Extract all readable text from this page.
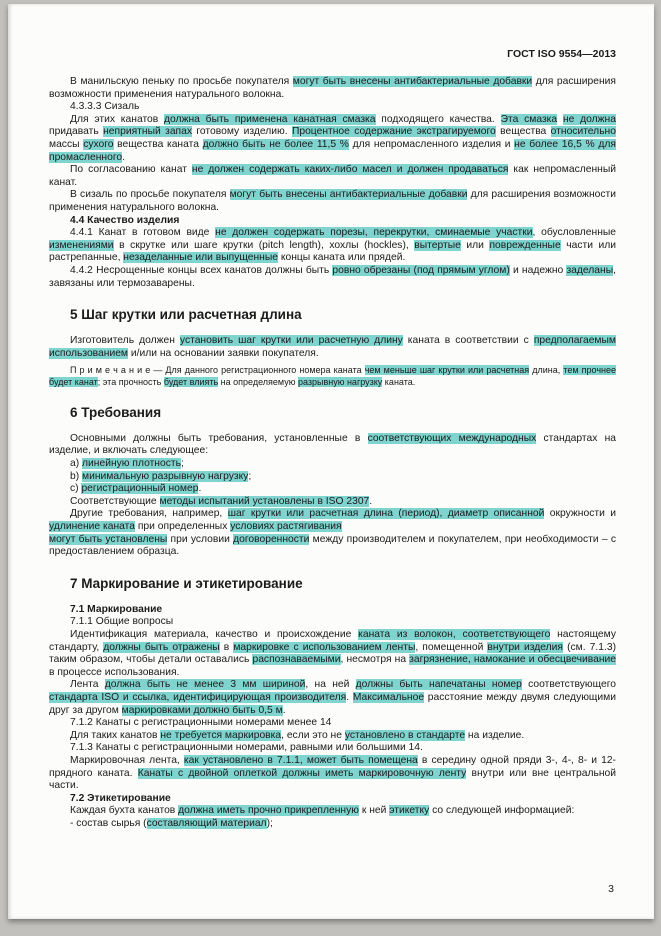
ГОСТ ISO 9554—2013

В манильскую пеньку по просьбе покупателя могут быть внесены антибактериальные добавки для расширения возможности применения натурального волокна.

4.3.3.3 Сизаль

Для этих канатов должна быть применена канатная смазка подходящего качества. Эта смазка не должна придавать неприятный запах готовому изделию. Процентное содержание экстрагируемого вещества относительно массы сухого вещества каната должно быть не более 11,5 % для непромасленного изделия и не более 16,5 % для промасленного.

По согласованию канат не должен содержать каких-либо масел и должен продаваться как непромасленный канат.

В сизаль по просьбе покупателя могут быть внесены антибактериальные добавки для расширения возможности применения натурального волокна.

4.4 Качество изделия

4.4.1 Канат в готовом виде не должен содержать порезы, перекрутки, сминаемые участки, обусловленные изменениями в скрутке или шаге крутки (pitch length), хохлы (hockles), вытертые или поврежденные части или растрепанные, незаделанные или выпущенные концы каната или прядей.

4.4.2 Несрощенные концы всех канатов должны быть ровно обрезаны (под прямым углом) и надежно заделаны, завязаны или термозаварены.

5 Шаг крутки или расчетная длина

Изготовитель должен установить шаг крутки или расчетную длину каната в соответствии с предполагаемым использованием и/или на основании заявки покупателя.

П р и м е ч а н и е — Для данного регистрационного номера каната чем меньше шаг крутки или расчетная длина, тем прочнее будет канат; эта прочность будет влиять на определяемую разрывную нагрузку каната.

6 Требования

Основными должны быть требования, установленные в соответствующих международных стандартах на изделие, и включать следующее:

а) линейную плотность;

b) минимальную разрывную нагрузку;

с) регистрационный номер.

Соответствующие методы испытаний установлены в ISO 2307.

Другие требования, например, шаг крутки или расчетная длина (период), диаметр описанной окружности и удлинение каната при определенных условиях растягивания

могут быть установлены при условии договоренности между производителем и покупателем, при необходимости – с предоставлением образца.

7 Маркирование и этикетирование

7.1 Маркирование

7.1.1 Общие вопросы

Идентификация материала, качество и происхождение каната из волокон, соответствующего настоящему стандарту, должны быть отражены в маркировке с использованием ленты, помещенной внутри изделия (см. 7.1.3) таким образом, чтобы детали оставались распознаваемыми, несмотря на загрязнение, намокание и обесцвечивание в процессе использования.

Лента должна быть не менее 3 мм шириной, на ней должны быть напечатаны номер соответствующего стандарта ISO и ссылка, идентифицирующая производителя. Максимальное расстояние между двумя следующими друг за другом маркировками должно быть 0,5 м.

7.1.2 Канаты с регистрационными номерами менее 14

Для таких канатов не требуется маркировка, если это не установлено в стандарте на изделие.

7.1.3 Канаты с регистрационными номерами, равными или большими 14.

Маркировочная лента, как установлено в 7.1.1, может быть помещена в середину одной пряди 3-, 4-, 8- и 12-прядного каната. Канаты с двойной оплеткой должны иметь маркировочную ленту внутри или вне центральной части.

7.2 Этикетирование

Каждая бухта канатов должна иметь прочно прикрепленную к ней этикетку со следующей информацией:

- состав сырья (составляющий материал);

3
